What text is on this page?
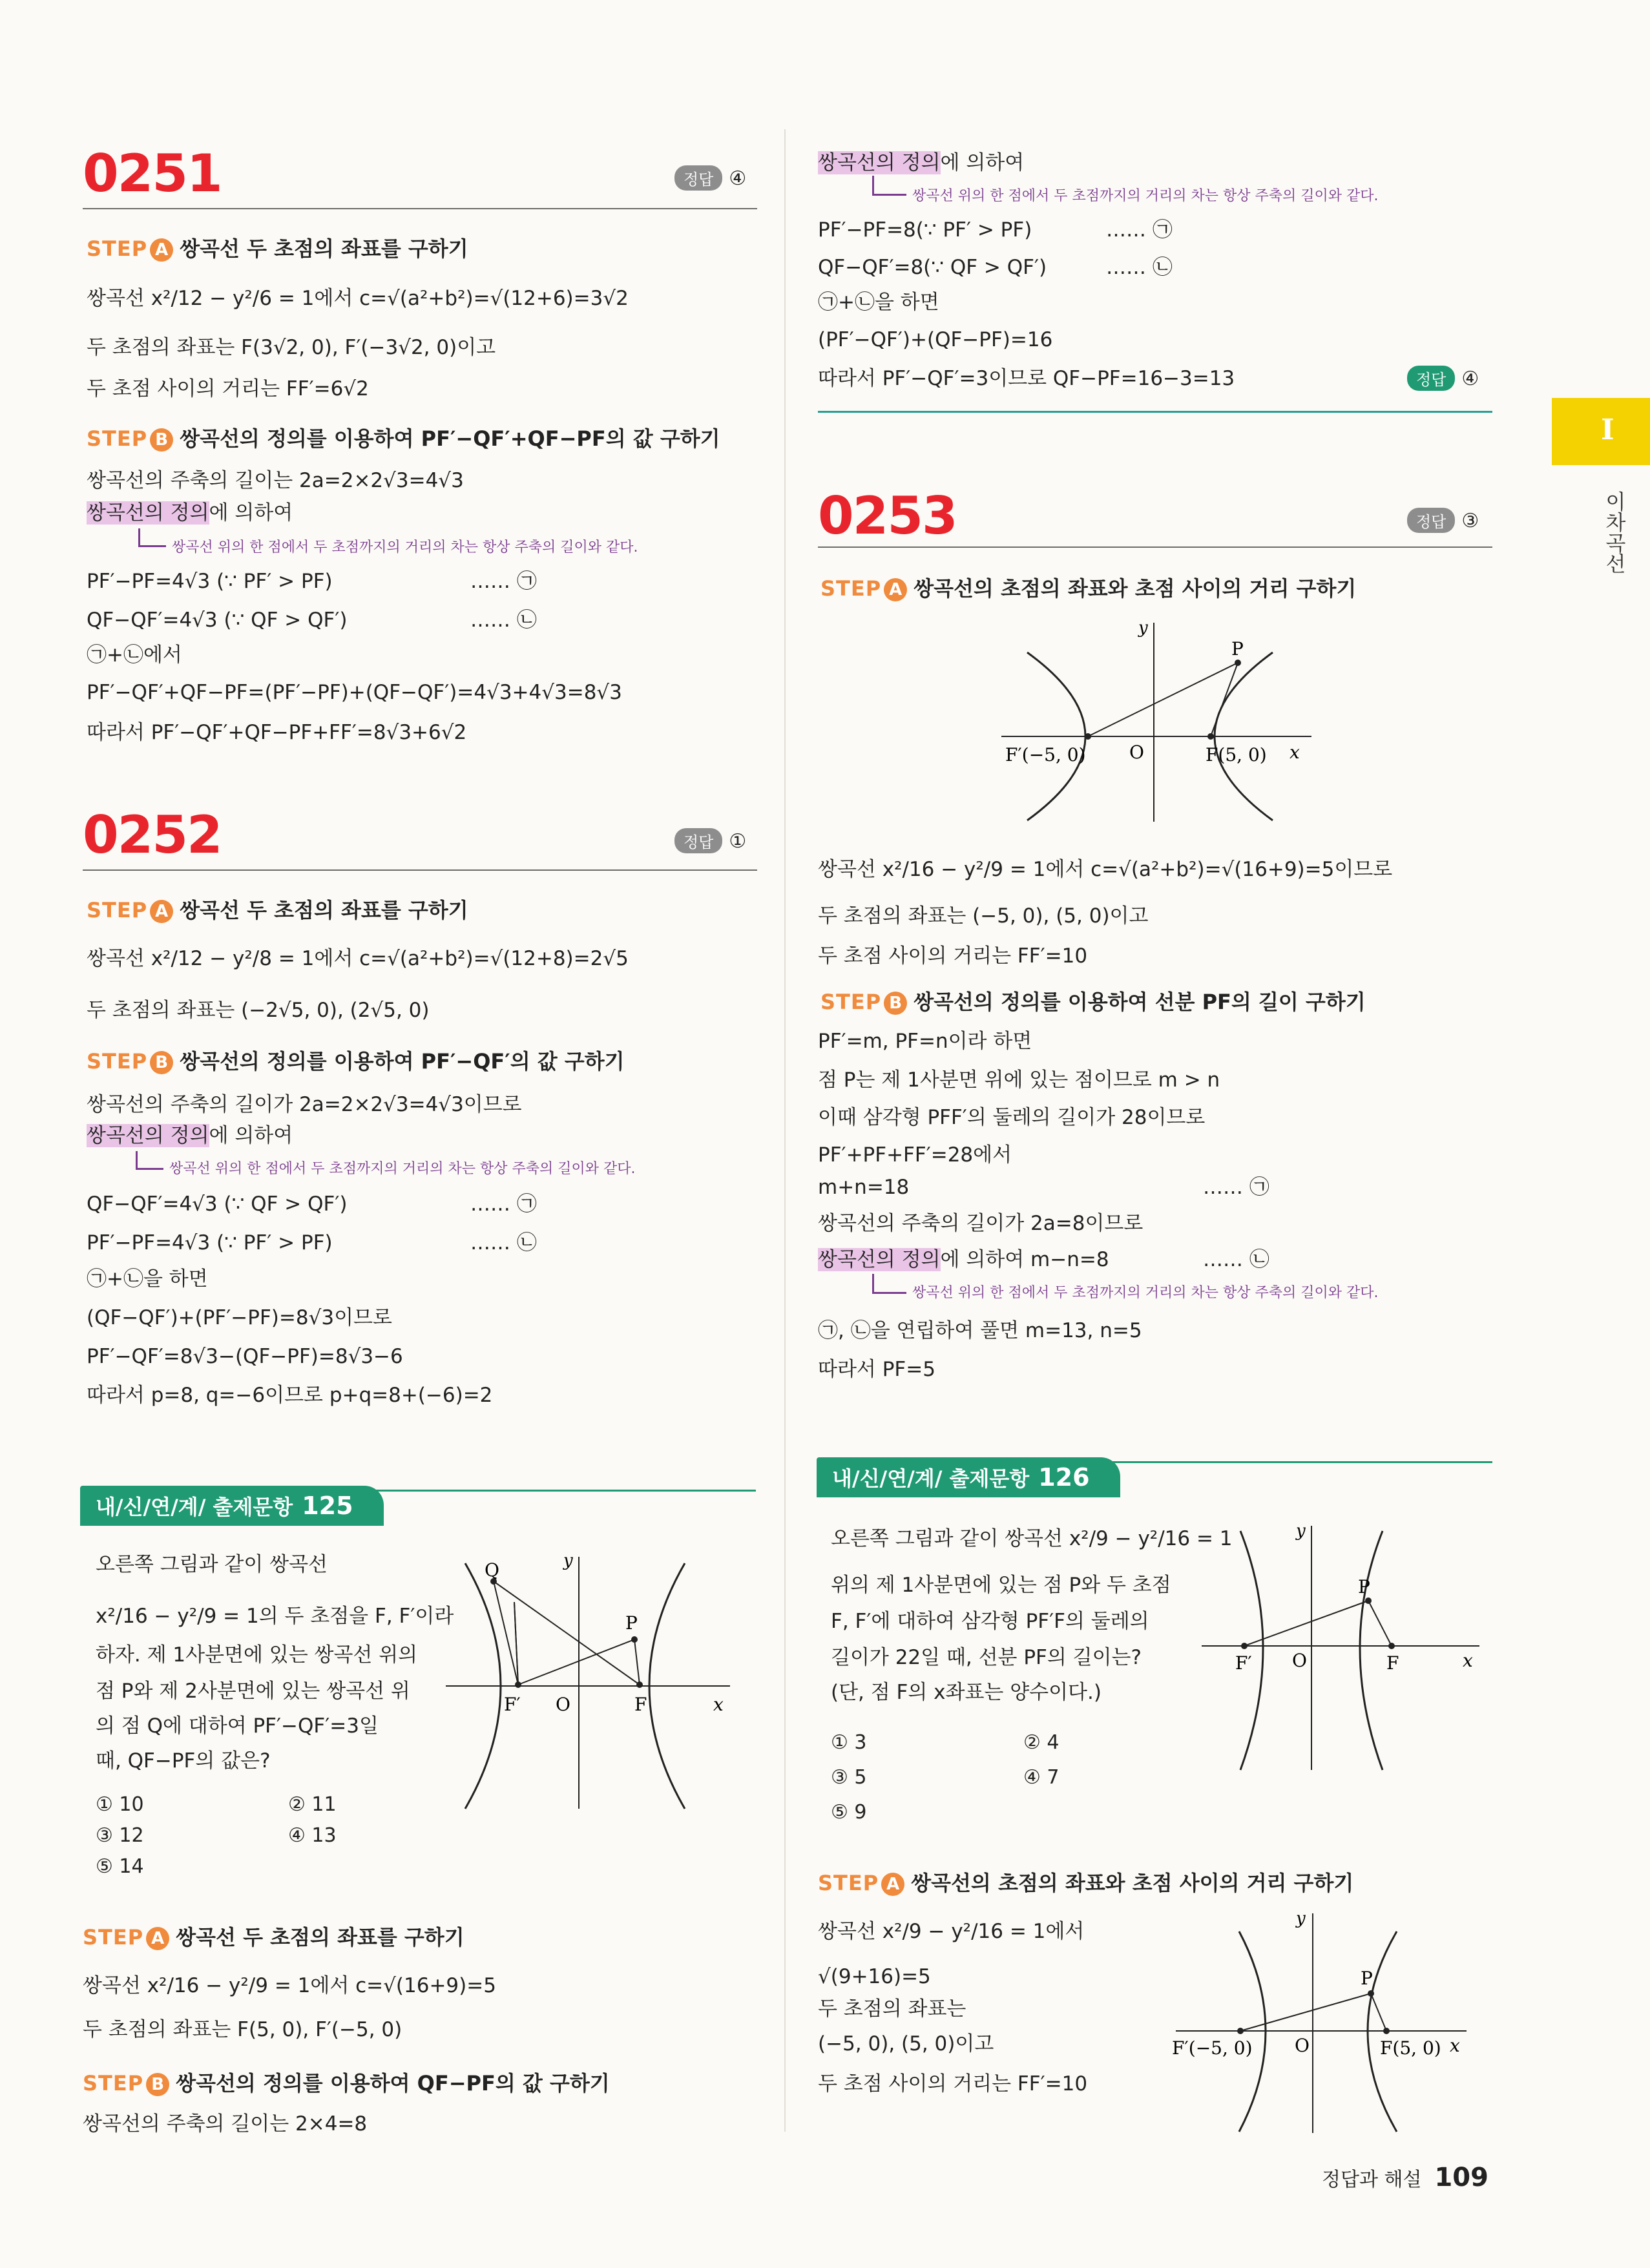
Ⅰ
이차곡선
0251	정답 ④
STEP A 쌍곡선 두 초점의 좌표를 구하기
쌍곡선 x²/12 − y²/6 = 1에서 c=√(a²+b²)=√(12+6)=3√2
두 초점의 좌표는 F(3√2, 0), F′(−3√2, 0)이고
두 초점 사이의 거리는 FF′=6√2
STEP B 쌍곡선의 정의를 이용하여 PF′−QF′+QF−PF의 값 구하기
쌍곡선의 주축의 길이는 2a=2×2√3=4√3
쌍곡선의 정의에 의하여
쌍곡선 위의 한 점에서 두 초점까지의 거리의 차는 항상 주축의 길이와 같다.
PF′−PF=4√3 (∵ PF′ > PF)	…… ㉠
QF−QF′=4√3 (∵ QF > QF′)	…… ㉡
㉠+㉡에서
PF′−QF′+QF−PF=(PF′−PF)+(QF−QF′)=4√3+4√3=8√3
따라서 PF′−QF′+QF−PF+FF′=8√3+6√2
0252	정답 ①
STEP A 쌍곡선 두 초점의 좌표를 구하기
쌍곡선 x²/12 − y²/8 = 1에서 c=√(a²+b²)=√(12+8)=2√5
두 초점의 좌표는 (−2√5, 0), (2√5, 0)
STEP B 쌍곡선의 정의를 이용하여 PF′−QF′의 값 구하기
쌍곡선의 주축의 길이가 2a=2×2√3=4√3이므로
쌍곡선의 정의에 의하여
쌍곡선 위의 한 점에서 두 초점까지의 거리의 차는 항상 주축의 길이와 같다.
QF−QF′=4√3 (∵ QF > QF′)	…… ㉠
PF′−PF=4√3 (∵ PF′ > PF)	…… ㉡
㉠+㉡을 하면
(QF−QF′)+(PF′−PF)=8√3이므로
PF′−QF′=8√3−(QF−PF)=8√3−6
따라서 p=8, q=−6이므로 p+q=8+(−6)=2
내/신/연/계/ 출제문항 125
오른쪽 그림과 같이 쌍곡선
x²/16 − y²/9 = 1의 두 초점을 F, F′이라
하자. 제 1사분면에 있는 쌍곡선 위의
점 P와 제 2사분면에 있는 쌍곡선 위
의 점 Q에 대하여 PF′−QF′=3일
때, QF−PF의 값은?
① 10	② 11
③ 12	④ 13
⑤ 14
Q
P
F′ O	F	x
y
STEP A 쌍곡선 두 초점의 좌표를 구하기
쌍곡선 x²/16 − y²/9 = 1에서 c=√(16+9)=5
두 초점의 좌표는 F(5, 0), F′(−5, 0)
STEP B 쌍곡선의 정의를 이용하여 QF−PF의 값 구하기
쌍곡선의 주축의 길이는 2×4=8
쌍곡선의 정의에 의하여
쌍곡선 위의 한 점에서 두 초점까지의 거리의 차는 항상 주축의 길이와 같다.
PF′−PF=8(∵ PF′ > PF)	…… ㉠
QF−QF′=8(∵ QF > QF′)	…… ㉡
㉠+㉡을 하면
(PF′−QF′)+(QF−PF)=16
따라서 PF′−QF′=3이므로 QF−PF=16−3=13	정답 ④
0253	정답 ③
STEP A 쌍곡선의 초점의 좌표와 초점 사이의 거리 구하기
P
F′(−5, 0) O	F(5, 0) x
y
쌍곡선 x²/16 − y²/9 = 1에서 c=√(a²+b²)=√(16+9)=5이므로
두 초점의 좌표는 (−5, 0), (5, 0)이고
두 초점 사이의 거리는 FF′=10
STEP B 쌍곡선의 정의를 이용하여 선분 PF의 길이 구하기
PF′=m, PF=n이라 하면
점 P는 제 1사분면 위에 있는 점이므로 m > n
이때 삼각형 PFF′의 둘레의 길이가 28이므로
PF′+PF+FF′=28에서
m+n=18	…… ㉠
쌍곡선의 주축의 길이가 2a=8이므로
쌍곡선의 정의에 의하여 m−n=8	…… ㉡
쌍곡선 위의 한 점에서 두 초점까지의 거리의 차는 항상 주축의 길이와 같다.
㉠, ㉡을 연립하여 풀면 m=13, n=5
따라서 PF=5
내/신/연/계/ 출제문항 126
오른쪽 그림과 같이 쌍곡선 x²/9 − y²/16 = 1
위의 제 1사분면에 있는 점 P와 두 초점
F, F′에 대하여 삼각형 PF′F의 둘레의
길이가 22일 때, 선분 PF의 길이는?
(단, 점 F의 x좌표는 양수이다.)
① 3	② 4
③ 5	④ 7
⑤ 9
P
F′ O	F	x
y
STEP A 쌍곡선의 초점의 좌표와 초점 사이의 거리 구하기
쌍곡선 x²/9 − y²/16 = 1에서
√(9+16)=5
두 초점의 좌표는
(−5, 0), (5, 0)이고
두 초점 사이의 거리는 FF′=10
P
F′(−5, 0) O	F(5, 0) x
y
정답과 해설 109
